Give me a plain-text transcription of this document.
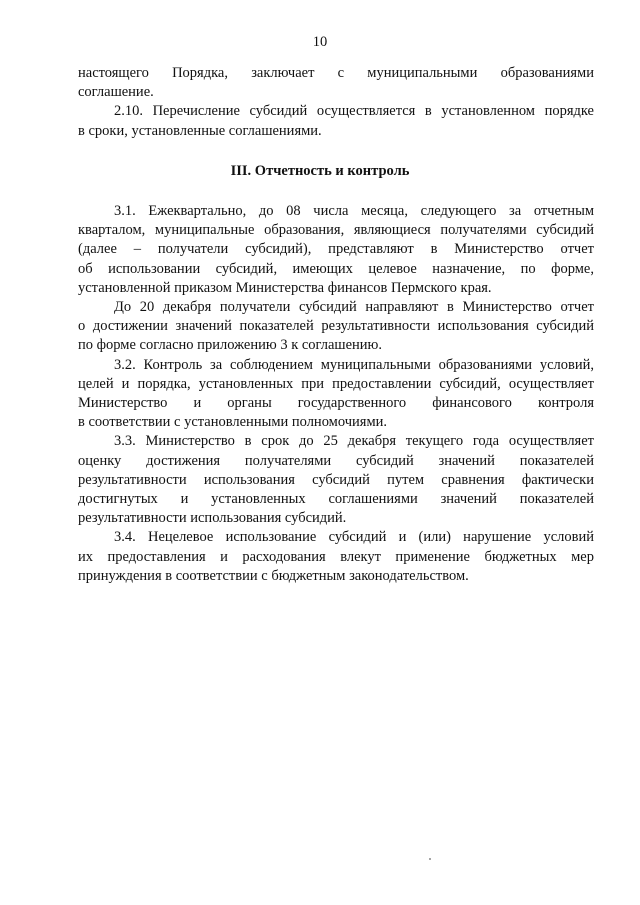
10
настоящего Порядка, заключает с муниципальными образованиями
соглашение.
2.10. Перечисление субсидий осуществляется в установленном порядке
в сроки, установленные соглашениями.
III. Отчетность и контроль
3.1. Ежеквартально, до 08 числа месяца, следующего за отчетным
кварталом, муниципальные образования, являющиеся получателями субсидий
(далее – получатели субсидий), представляют в Министерство отчет
об использовании субсидий, имеющих целевое назначение, по форме,
установленной приказом Министерства финансов Пермского края.
До 20 декабря получатели субсидий направляют в Министерство отчет
о достижении значений показателей результативности использования субсидий
по форме согласно приложению 3 к соглашению.
3.2. Контроль за соблюдением муниципальными образованиями условий,
целей и порядка, установленных при предоставлении субсидий, осуществляет
Министерство и органы государственного финансового контроля
в соответствии с установленными полномочиями.
3.3. Министерство в срок до 25 декабря текущего года осуществляет
оценку достижения получателями субсидий значений показателей
результативности использования субсидий путем сравнения фактически
достигнутых и установленных соглашениями значений показателей
результативности использования субсидий.
3.4. Нецелевое использование субсидий и (или) нарушение условий
их предоставления и расходования влекут применение бюджетных мер
принуждения в соответствии с бюджетным законодательством.
